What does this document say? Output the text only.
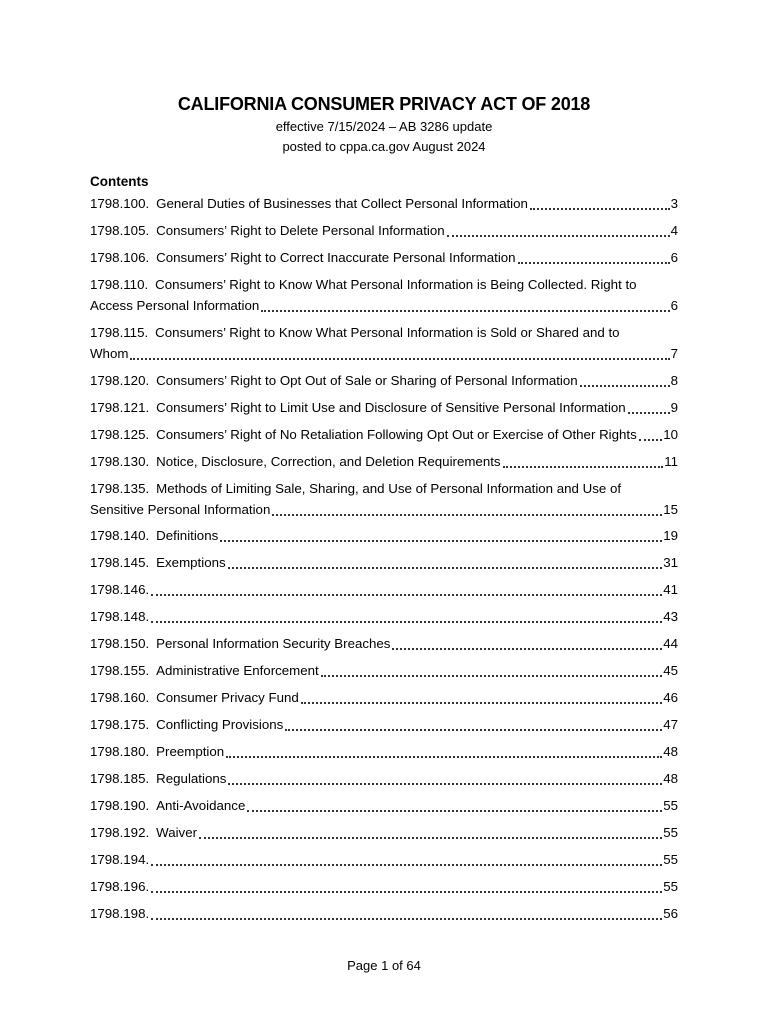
CALIFORNIA CONSUMER PRIVACY ACT OF 2018
effective 7/15/2024 – AB 3286 update
posted to cppa.ca.gov August 2024
Contents
1798.100. General Duties of Businesses that Collect Personal Information	3
1798.105. Consumers’ Right to Delete Personal Information	4
1798.106. Consumers’ Right to Correct Inaccurate Personal Information	6
1798.110. Consumers’ Right to Know What Personal Information is Being Collected. Right to
Access Personal Information	6
1798.115. Consumers’ Right to Know What Personal Information is Sold or Shared and to
Whom	7
1798.120. Consumers’ Right to Opt Out of Sale or Sharing of Personal Information	8
1798.121. Consumers’ Right to Limit Use and Disclosure of Sensitive Personal Information	9
1798.125. Consumers’ Right of No Retaliation Following Opt Out or Exercise of Other Rights 10
1798.130. Notice, Disclosure, Correction, and Deletion Requirements	11
1798.135. Methods of Limiting Sale, Sharing, and Use of Personal Information and Use of
Sensitive Personal Information	15
1798.140. Definitions	19
1798.145. Exemptions	31
1798.146.	41
1798.148.	43
1798.150. Personal Information Security Breaches	44
1798.155. Administrative Enforcement	45
1798.160. Consumer Privacy Fund	46
1798.175. Conflicting Provisions	47
1798.180. Preemption	48
1798.185. Regulations	48
1798.190. Anti-Avoidance	55
1798.192. Waiver	55
1798.194.	55
1798.196.	55
1798.198.	56
Page 1 of 64
